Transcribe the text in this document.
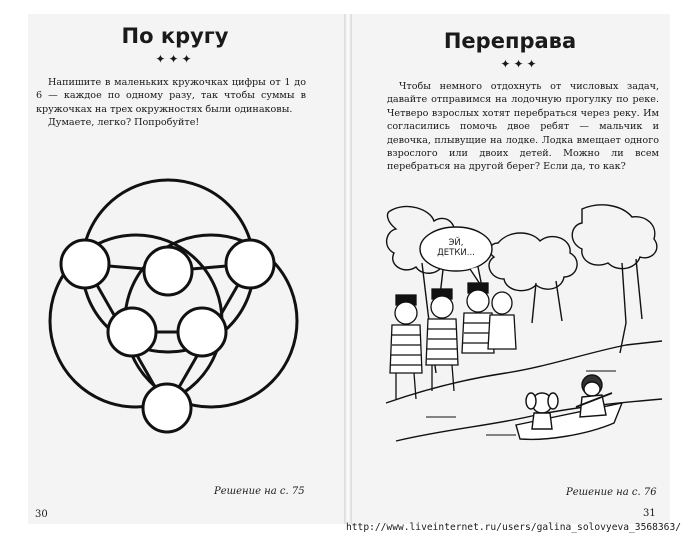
По кругу
✦✦✦

Напишите в маленьких кружочках цифры от 1 до 6 — каждое по одному разу, так чтобы суммы в кружочках на трех окружностях были одинаковы.

Думаете, легко? Попробуйте!

Решение на с. 75
30
Переправа
✦✦✦

Чтобы немного отдохнуть от числовых задач, давайте отправимся на лодочную прогулку по реке. Четверо взрослых хотят перебраться через реку. Им согласились помочь двое ребят — мальчик и девочка, плывущие на лодке. Лодка вмещает одного взрослого или двоих детей. Можно ли всем перебраться на другой берег? Если да, то как?

ЭЙ, ДЕТКИ...
Решение на с. 76
31
http://www.liveinternet.ru/users/galina_solovyeva_3568363/
